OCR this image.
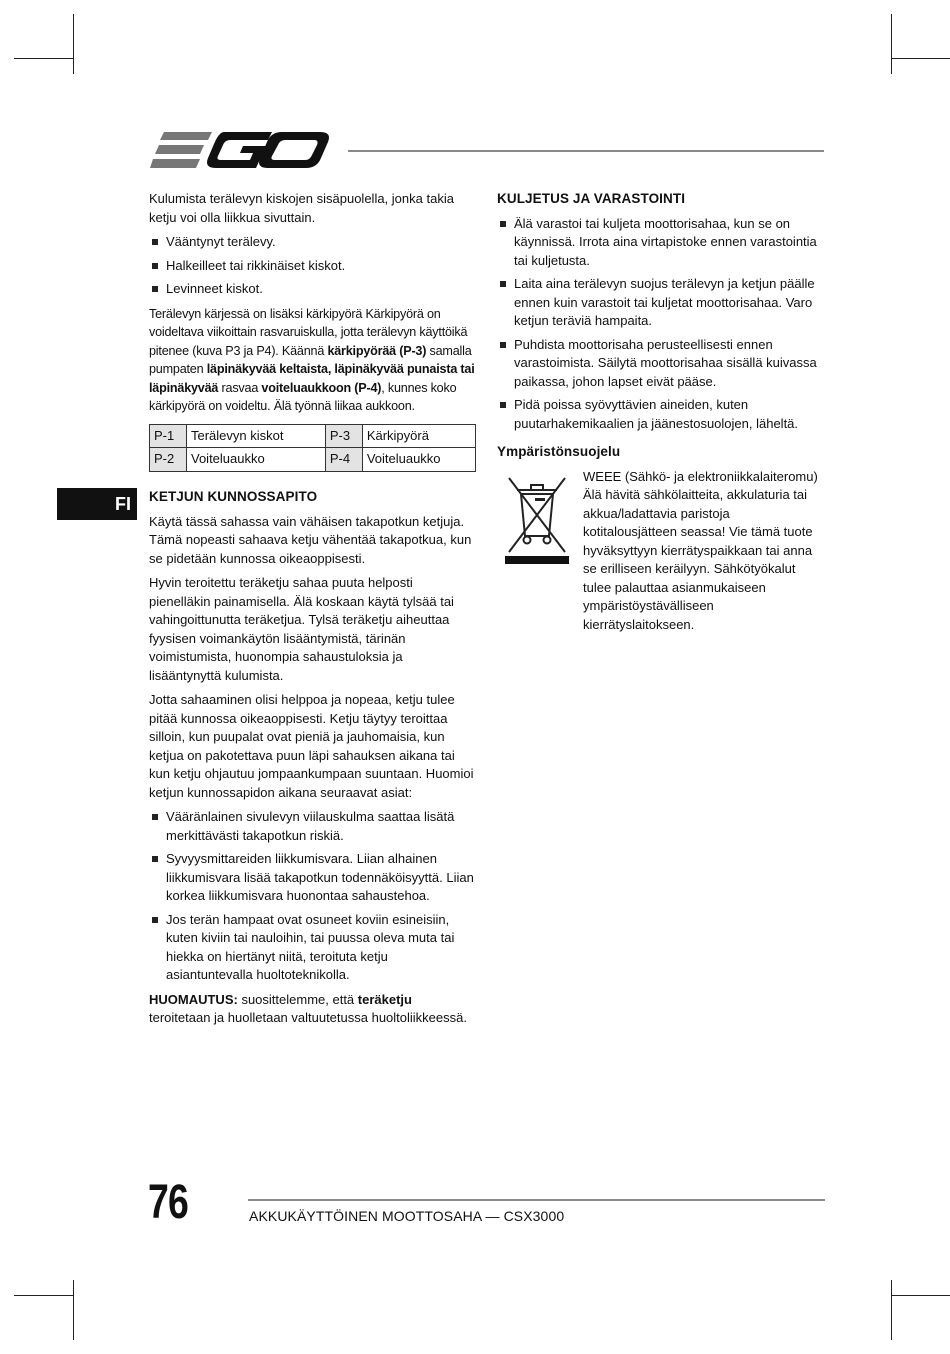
FI

Kulumista terälevyn kiskojen sisäpuolella, jonka takia ketju voi olla liikkua sivuttain.

Vääntynyt terälevy.
Halkeilleet tai rikkinäiset kiskot.
Levinneet kiskot.

Terälevyn kärjessä on lisäksi kärkipyörä Kärkipyörä on voideltava viikoittain rasvaruiskulla, jotta terälevyn käyttöikä pitenee (kuva P3 ja P4). Käännä kärkipyörää (P-3) samalla pumpaten läpinäkyvää keltaista, läpinäkyvää punaista tai läpinäkyvää rasvaa voiteluaukkoon (P-4), kunnes koko kärkipyörä on voideltu. Älä työnnä liikaa aukkoon.

P-1	Terälevyn kiskot	P-3	Kärkipyörä
P-2	Voiteluaukko	P-4	Voiteluaukko
KETJUN KUNNOSSAPITO

Käytä tässä sahassa vain vähäisen takapotkun ketjuja. Tämä nopeasti sahaava ketju vähentää takapotkua, kun se pidetään kunnossa oikeaoppisesti.

Hyvin teroitettu teräketju sahaa puuta helposti pienelläkin painamisella. Älä koskaan käytä tylsää tai vahingoittunutta teräketjua. Tylsä teräketju aiheuttaa fyysisen voimankäytön lisääntymistä, tärinän voimistumista, huonompia sahaustuloksia ja lisääntynyttä kulumista.

Jotta sahaaminen olisi helppoa ja nopeaa, ketju tulee pitää kunnossa oikeaoppisesti. Ketju täytyy teroittaa silloin, kun puupalat ovat pieniä ja jauhomaisia, kun ketjua on pakotettava puun läpi sahauksen aikana tai kun ketju ohjautuu jompaankumpaan suuntaan. Huomioi ketjun kunnossapidon aikana seuraavat asiat:

Vääränlainen sivulevyn viilauskulma saattaa lisätä merkittävästi takapotkun riskiä.
Syvyysmittareiden liikkumisvara. Liian alhainen liikkumisvara lisää takapotkun todennäköisyyttä. Liian korkea liikkumisvara huonontaa sahaustehoa.
Jos terän hampaat ovat osuneet koviin esineisiin, kuten kiviin tai nauloihin, tai puussa oleva muta tai hiekka on hiertänyt niitä, teroituta ketju asiantuntevalla huoltoteknikolla.

HUOMAUTUS: suosittelemme, että teräketju teroitetaan ja huolletaan valtuutetussa huoltoliikkeessä.

KULJETUS JA VARASTOINTI
Älä varastoi tai kuljeta moottorisahaa, kun se on käynnissä. Irrota aina virtapistoke ennen varastointia tai kuljetusta.
Laita aina terälevyn suojus terälevyn ja ketjun päälle ennen kuin varastoit tai kuljetat moottorisahaa. Varo ketjun teräviä hampaita.
Puhdista moottorisaha perusteellisesti ennen varastoimista. Säilytä moottorisahaa sisällä kuivassa paikassa, johon lapset eivät pääse.
Pidä poissa syövyttävien aineiden, kuten puutarhakemikaalien ja jäänestosuolojen, läheltä.
Ympäristönsuojelu

WEEE (Sähkö- ja elektroniikkalaiteromu) Älä hävitä sähkölaitteita, akkulaturia tai akkua/ladattavia paristoja kotitalousjätteen seassa! Vie tämä tuote hyväksyttyyn kierrätyspaikkaan tai anna se erilliseen keräilyyn. Sähkötyökalut tulee palauttaa asianmukaiseen ympäristöystävälliseen kierrätyslaitokseen.

76	AKKUKÄYTTÖINEN MOOTTOSAHA — CSX3000
